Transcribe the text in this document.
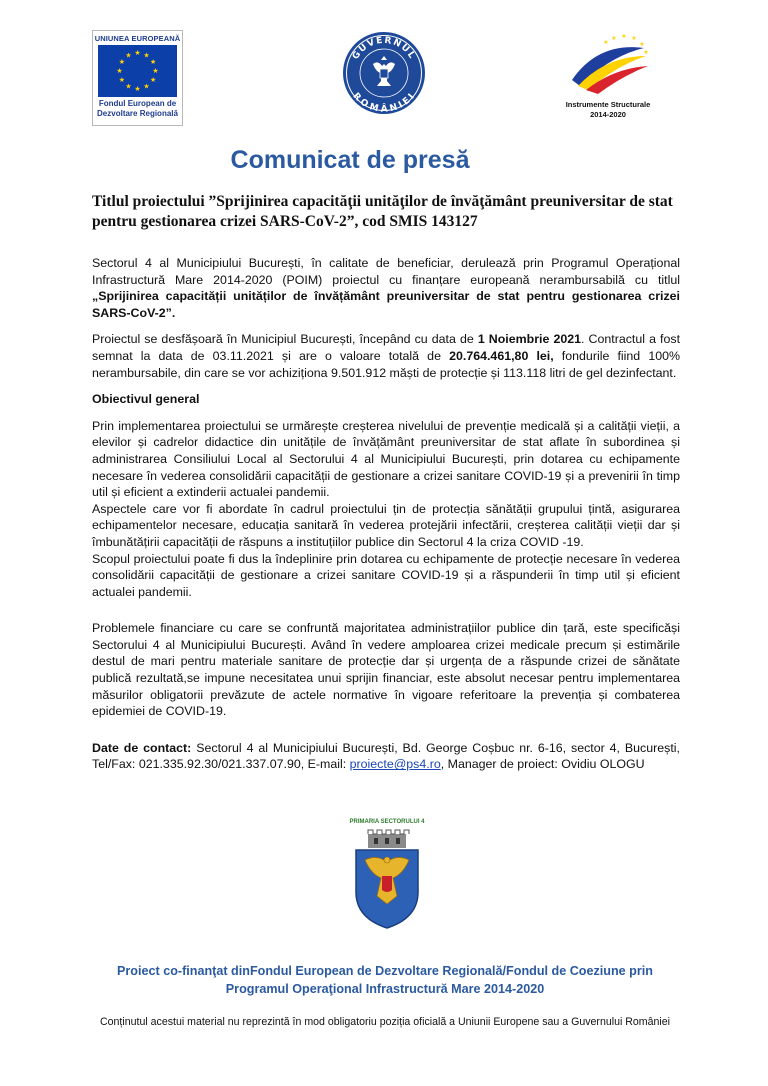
UNIUNEA EUROPEANĂ
★ ★
★
★
★
★
★
★
★
★
★
★
Fondul European de
Dezvoltare Regională
GUVERNUL
ROMÂNIEI
★ ★ ★
★
★
★
Instrumente Structurale
2014-2020
Comunicat de presă
Titlul proiectului ”Sprijinirea capacităţii unităţilor de învăţământ preuniversitar de stat pentru gestionarea crizei SARS-CoV-2”, cod SMIS 143127

Sectorul 4 al Municipiului București, în calitate de beneficiar, derulează prin Programul Operațional Infrastructură Mare 2014-2020 (POIM) proiectul cu finanțare europeană nerambursabilă cu titlul „Sprijinirea capacității unităților de învățământ preuniversitar de stat pentru gestionarea crizei SARS-CoV-2”.

Proiectul se desfășoară în Municipiul București, începând cu data de 1 Noiembrie 2021. Contractul a fost semnat la data de 03.11.2021 și are o valoare totală de 20.764.461,80 lei, fondurile fiind 100% nerambursabile, din care se vor achiziționa 9.501.912 măști de protecție și 113.118 litri de gel dezinfectant.

Obiectivul general

Prin implementarea proiectului se urmărește creșterea nivelului de prevenție medicală și a calității vieții, a elevilor și cadrelor didactice din unitățile de învățământ preuniversitar de stat aflate în subordinea și administrarea Consiliului Local al Sectorului 4 al Municipiului București, prin dotarea cu echipamente necesare în vederea consolidării capacității de gestionare a crizei sanitare COVID-19 și a prevenirii în timp util și eficient a extinderii actualei pandemii.

Aspectele care vor fi abordate în cadrul proiectului țin de protecția sănătății grupului țintă, asigurarea echipamentelor necesare, educația sanitară în vederea protejării infectării, creșterea calității vieții dar și îmbunătățirii capacității de răspuns a instituțiilor publice din Sectorul 4 la criza COVID -19.

Scopul proiectului poate fi dus la îndeplinire prin dotarea cu echipamente de protecție necesare în vederea consolidării capacității de gestionare a crizei sanitare COVID-19 și a răspunderii în timp util și eficient actualei pandemii.

Problemele financiare cu care se confruntă majoritatea administrațiilor publice din țară, este specificăși Sectorului 4 al Municipiului București. Având în vedere amploarea crizei medicale precum și estimările destul de mari pentru materiale sanitare de protecție dar și urgența de a răspunde crizei de sănătate publică rezultată,se impune necesitatea unui sprijin financiar, este absolut necesar pentru implementarea măsurilor obligatorii prevăzute de actele normative în vigoare referitoare la prevenția și combaterea epidemiei de COVID-19.

Date de contact: Sectorul 4 al Municipiului București, Bd. George Coșbuc nr. 6-16, sector 4, București, Tel/Fax: 021.335.92.30/021.337.07.90, E-mail: proiecte@ps4.ro, Manager de proiect: Ovidiu OLOGU

PRIMARIA SECTORULUI 4
Proiect co-finanţat dinFondul European de Dezvoltare Regională/Fondul de Coeziune prin
Programul Operaţional Infrastructură Mare 2014-2020
Conținutul acestui material nu reprezintă în mod obligatoriu poziția oficială a Uniunii Europene sau a Guvernului României
